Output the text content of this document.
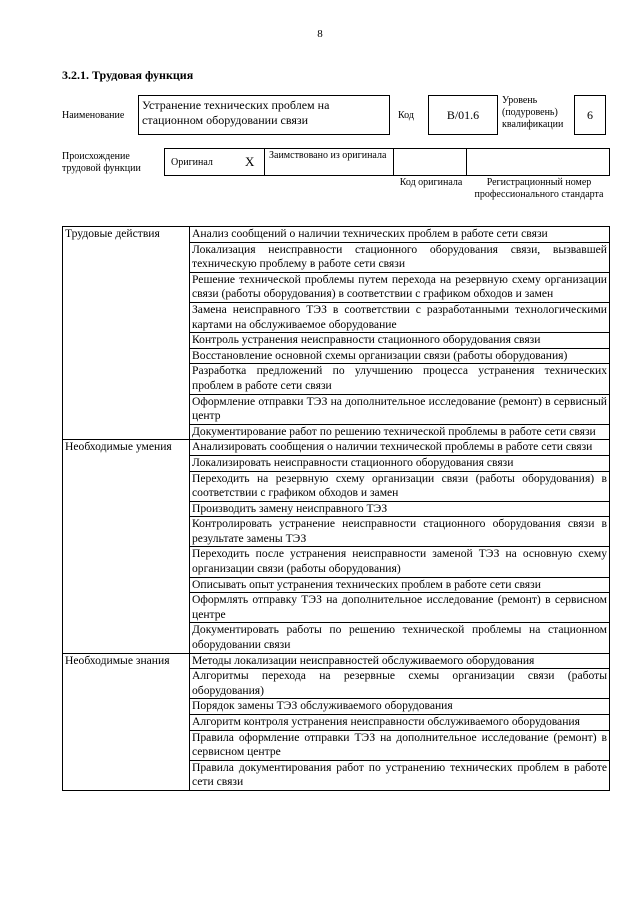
8
3.2.1. Трудовая функция
Наименование
Устранение технических проблем на стационном оборудовании связи	Код	B/01.6
Уровень (подуровень) квалификации
6
Происхождение трудовой функции
Оригинал X Заимствовано из оригинала
Код оригинала	Регистрационный номер профессионального стандарта
Трудовые действия	Анализ сообщений о наличии технических проблем в работе сети связи
	Локализация неисправности стационного оборудования связи, вызвавшей техническую проблему в работе сети связи
	Решение технической проблемы путем перехода на резервную схему организации связи (работы оборудования) в соответствии с графиком обходов и замен
	Замена неисправного ТЭЗ в соответствии с разработанными технологическими картами на обслуживаемое оборудование
	Контроль устранения неисправности стационного оборудования связи
	Восстановление основной схемы организации связи (работы оборудования)
	Разработка предложений по улучшению процесса устранения технических проблем в работе сети связи
	Оформление отправки ТЭЗ на дополнительное исследование (ремонт) в сервисный центр
	Документирование работ по решению технической проблемы в работе сети связи
Необходимые умения	Анализировать сообщения о наличии технической проблемы в работе сети связи
	Локализировать неисправности стационного оборудования связи
	Переходить на резервную схему организации связи (работы оборудования) в соответствии с графиком обходов и замен
	Производить замену неисправного ТЭЗ
	Контролировать устранение неисправности стационного оборудования связи в результате замены ТЭЗ
	Переходить после устранения неисправности заменой ТЭЗ на основную схему организации связи (работы оборудования)
	Описывать опыт устранения технических проблем в работе сети связи
	Оформлять отправку ТЭЗ на дополнительное исследование (ремонт) в сервисном центре
	Документировать работы по решению технической проблемы на стационном оборудовании связи
Необходимые знания	Методы локализации неисправностей обслуживаемого оборудования
	Алгоритмы перехода на резервные схемы организации связи (работы оборудования)
	Порядок замены ТЭЗ обслуживаемого оборудования
	Алгоритм контроля устранения неисправности обслуживаемого оборудования
	Правила оформление отправки ТЭЗ на дополнительное исследование (ремонт) в сервисном центре
	Правила документирования работ по устранению технических проблем в работе сети связи
